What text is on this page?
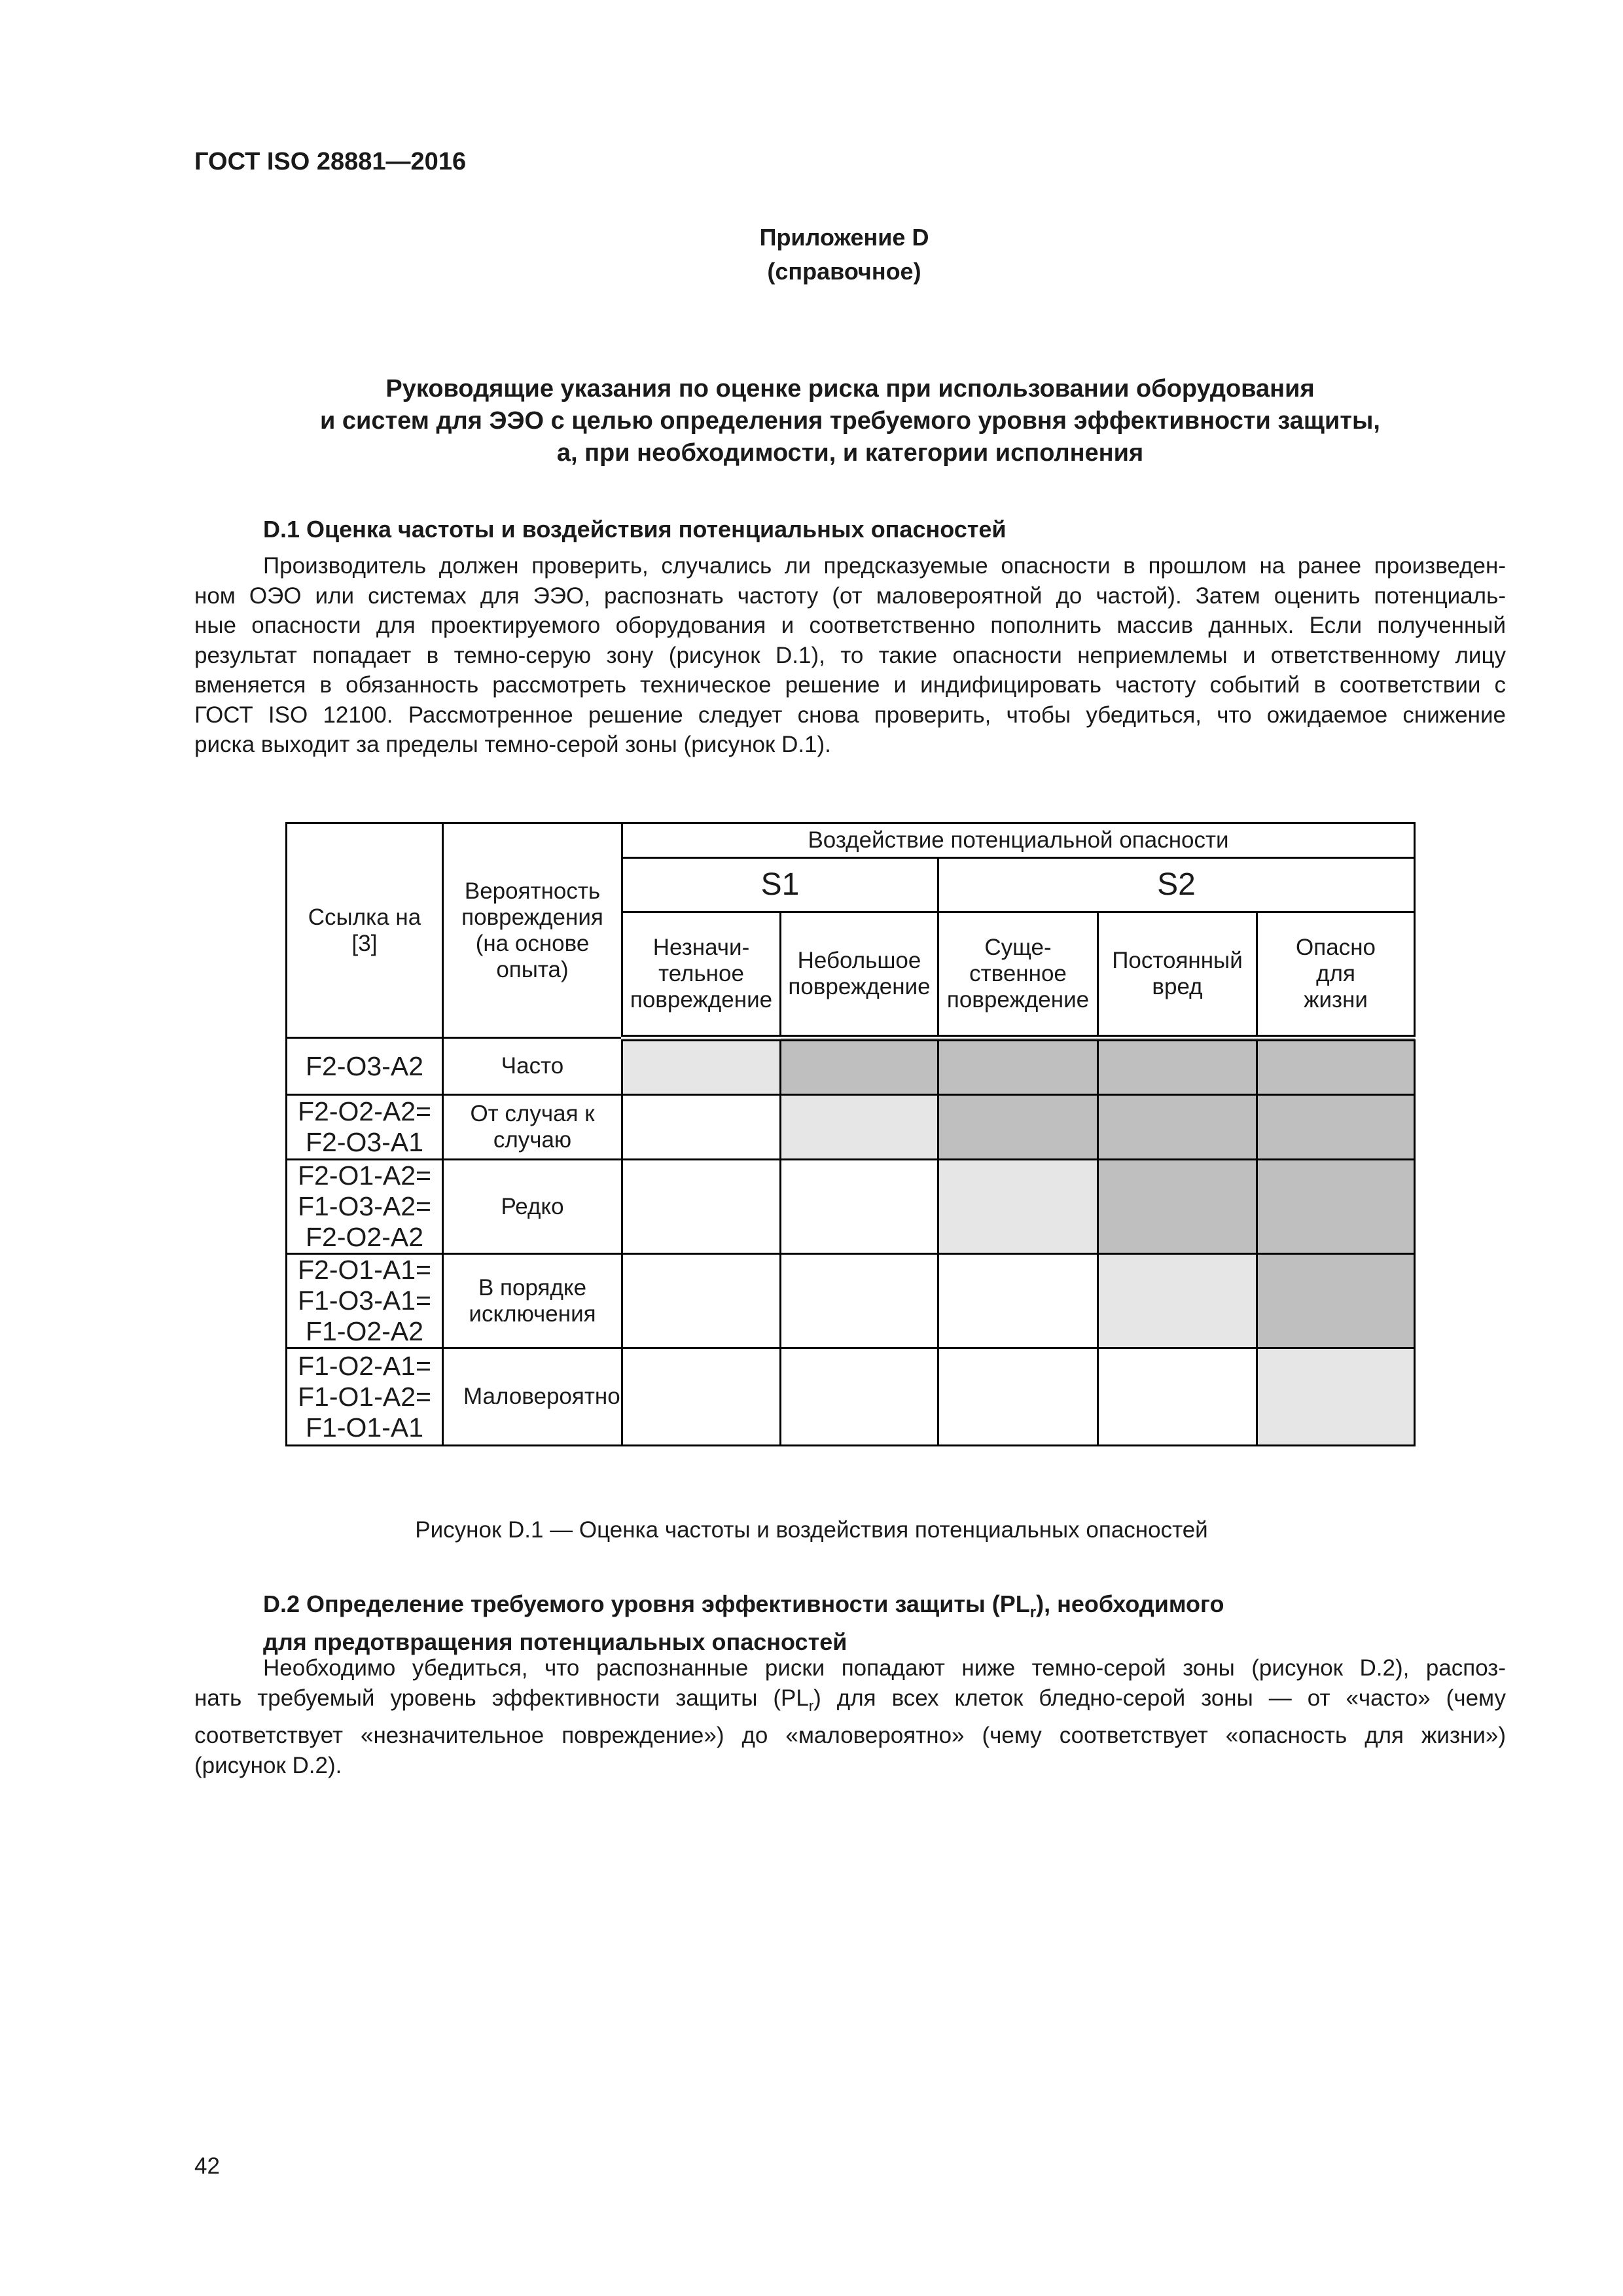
ГОСТ ISO 28881—2016
Приложение D
(справочное)
Руководящие указания по оценке риска при использовании оборудования
и систем для ЭЭО с целью определения требуемого уровня эффективности защиты,
а, при необходимости, и категории исполнения
D.1 Оценка частоты и воздействия потенциальных опасностей
Производитель должен проверить, случались ли предсказуемые опасности в прошлом на ранее произведен-
ном ОЭО или системах для ЭЭО, распознать частоту (от маловероятной до частой). Затем оценить потенциаль-
ные опасности для проектируемого оборудования и соответственно пополнить массив данных. Если полученный
результат попадает в темно-серую зону (рисунок D.1), то такие опасности неприемлемы и ответственному лицу
вменяется в обязанность рассмотреть техническое решение и индифицировать частоту событий в соответствии с
ГОСТ ISO 12100. Рассмотренное решение следует снова проверить, чтобы убедиться, что ожидаемое снижение
риска выходит за пределы темно-серой зоны (рисунок D.1).
Ссылка на [3]	Вероятность повреждения (на основе опыта)	Воздействие потенциальной опасности				
		S1		S2		
		Незначи-тельное повреждение	Небольшое повреждение	Суще-ственное повреждение	Постоянный вред	Опасно для жизни
F2-O3-A2	Часто					
F2-O2-A2= F2-O3-A1	От случая к случаю					
F2-O1-A2= F1-O3-A2= F2-O2-A2	Редко					
F2-O1-A1= F1-O3-A1= F1-O2-A2	В порядке исключения					
F1-O2-A1= F1-O1-A2= F1-O1-A1	Маловероятно					
Рисунок D.1 — Оценка частоты и воздействия потенциальных опасностей
D.2 Определение требуемого уровня эффективности защиты $(PL_r)$, необходимого
для предотвращения потенциальных опасностей
Необходимо убедиться, что распознанные риски попадают ниже темно-серой зоны (рисунок D.2), распоз-
нать требуемый уровень эффективности защиты $(PL_r)$ для всех клеток бледно-серой зоны — от «часто» (чему
соответствует «незначительное повреждение») до «маловероятно» (чему соответствует «опасность для жизни»)
(рисунок D.2).
42
